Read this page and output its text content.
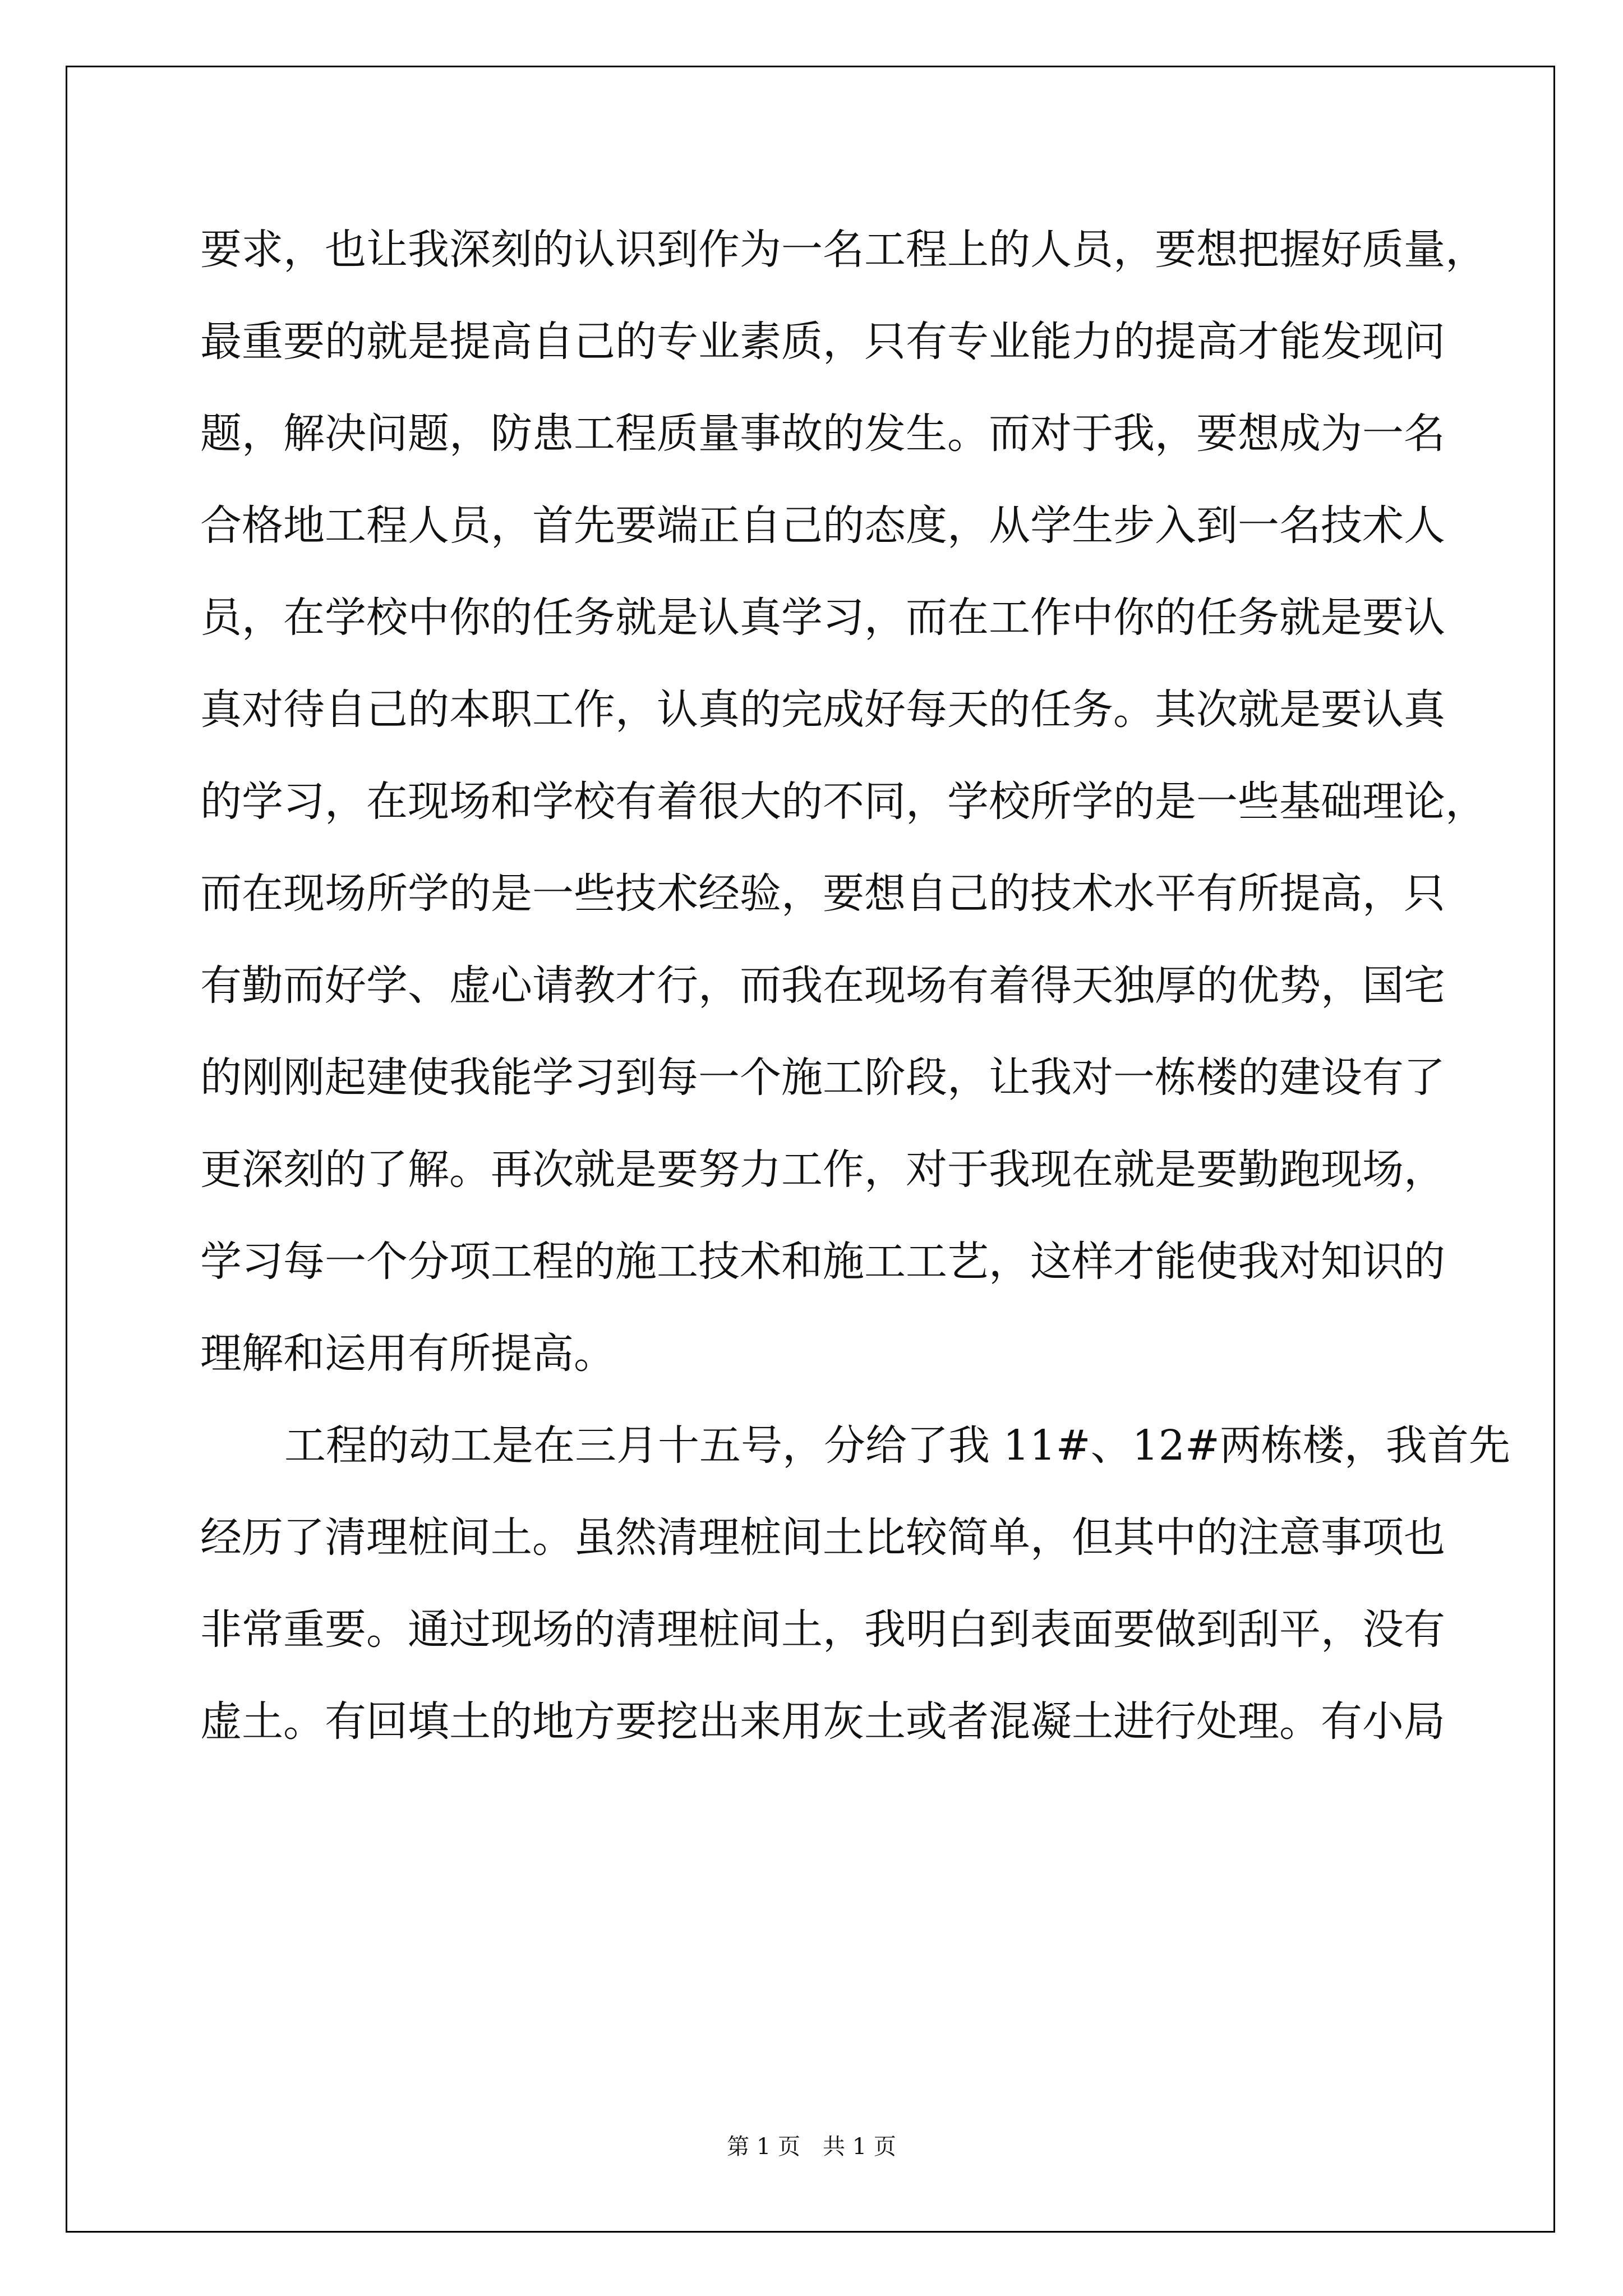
要求，也让我深刻的认识到作为一名工程上的人员，要想把握好质量，
最重要的就是提高自己的专业素质，只有专业能力的提高才能发现问
题，解决问题，防患工程质量事故的发生。而对于我，要想成为一名
合格地工程人员，首先要端正自己的态度，从学生步入到一名技术人
员，在学校中你的任务就是认真学习，而在工作中你的任务就是要认
真对待自己的本职工作，认真的完成好每天的任务。其次就是要认真
的学习，在现场和学校有着很大的不同，学校所学的是一些基础理论，
而在现场所学的是一些技术经验，要想自己的技术水平有所提高，只
有勤而好学、虚心请教才行，而我在现场有着得天独厚的优势，国宅
的刚刚起建使我能学习到每一个施工阶段，让我对一栋楼的建设有了
更深刻的了解。再次就是要努力工作，对于我现在就是要勤跑现场，
学习每一个分项工程的施工技术和施工工艺，这样才能使我对知识的
理解和运用有所提高。
工程的动工是在三月十五号，分给了我 11#、12#两栋楼，我首先
经历了清理桩间土。虽然清理桩间土比较简单，但其中的注意事项也
非常重要。通过现场的清理桩间土，我明白到表面要做到刮平，没有
虚土。有回填土的地方要挖出来用灰土或者混凝土进行处理。有小局
第 1 页 共 1 页
